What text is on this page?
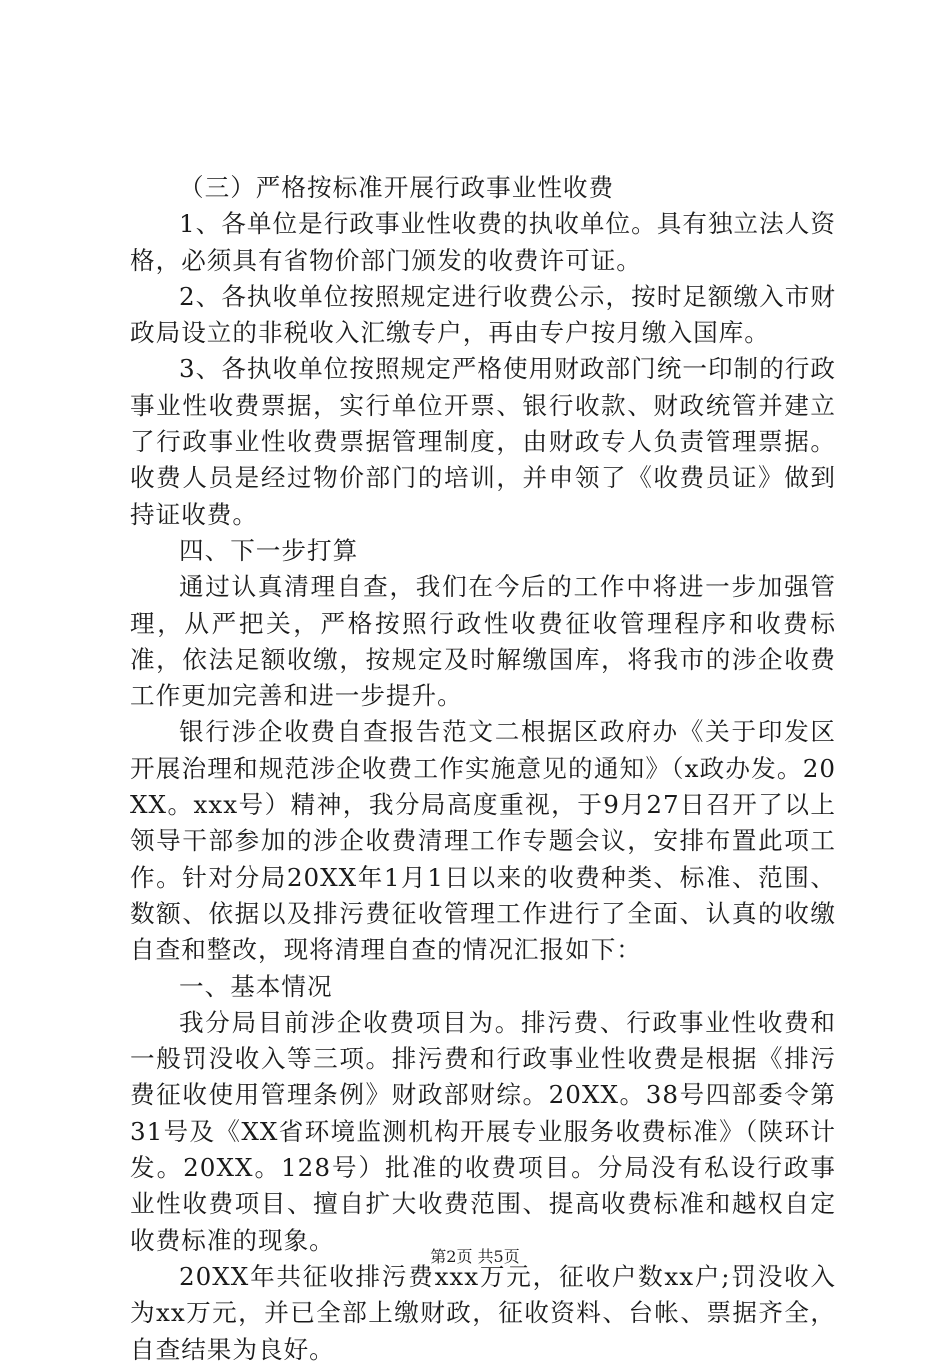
（三）严格按标准开展行政事业性收费

1、各单位是行政事业性收费的执收单位。具有独立法人资格，必须具有省物价部门颁发的收费许可证。

2、各执收单位按照规定进行收费公示，按时足额缴入市财政局设立的非税收入汇缴专户，再由专户按月缴入国库。

3、各执收单位按照规定严格使用财政部门统一印制的行政事业性收费票据，实行单位开票、银行收款、财政统管并建立了行政事业性收费票据管理制度，由财政专人负责管理票据。收费人员是经过物价部门的培训，并申领了《收费员证》做到持证收费。

四、下一步打算

通过认真清理自查，我们在今后的工作中将进一步加强管理，从严把关，严格按照行政性收费征收管理程序和收费标准，依法足额收缴，按规定及时解缴国库，将我市的涉企收费工作更加完善和进一步提升。

银行涉企收费自查报告范文二根据区政府办《关于印发区开展治理和规范涉企收费工作实施意见的通知》（x政办发。20XX。xxx号）精神，我分局高度重视，于9月27日召开了以上领导干部参加的涉企收费清理工作专题会议，安排布置此项工作。针对分局20XX年1月1日以来的收费种类、标准、范围、数额、依据以及排污费征收管理工作进行了全面、认真的收缴自查和整改，现将清理自查的情况汇报如下：

一、基本情况

我分局目前涉企收费项目为。排污费、行政事业性收费和一般罚没收入等三项。排污费和行政事业性收费是根据《排污费征收使用管理条例》财政部财综。20XX。38号四部委令第31号及《XX省环境监测机构开展专业服务收费标准》（陕环计发。20XX。128号）批准的收费项目。分局没有私设行政事业性收费项目、擅自扩大收费范围、提高收费标准和越权自定收费标准的现象。

20XX年共征收排污费xxx万元，征收户数xx户;罚没收入为xx万元，并已全部上缴财政，征收资料、台帐、票据齐全，自查结果为良好。

第2页 共5页
